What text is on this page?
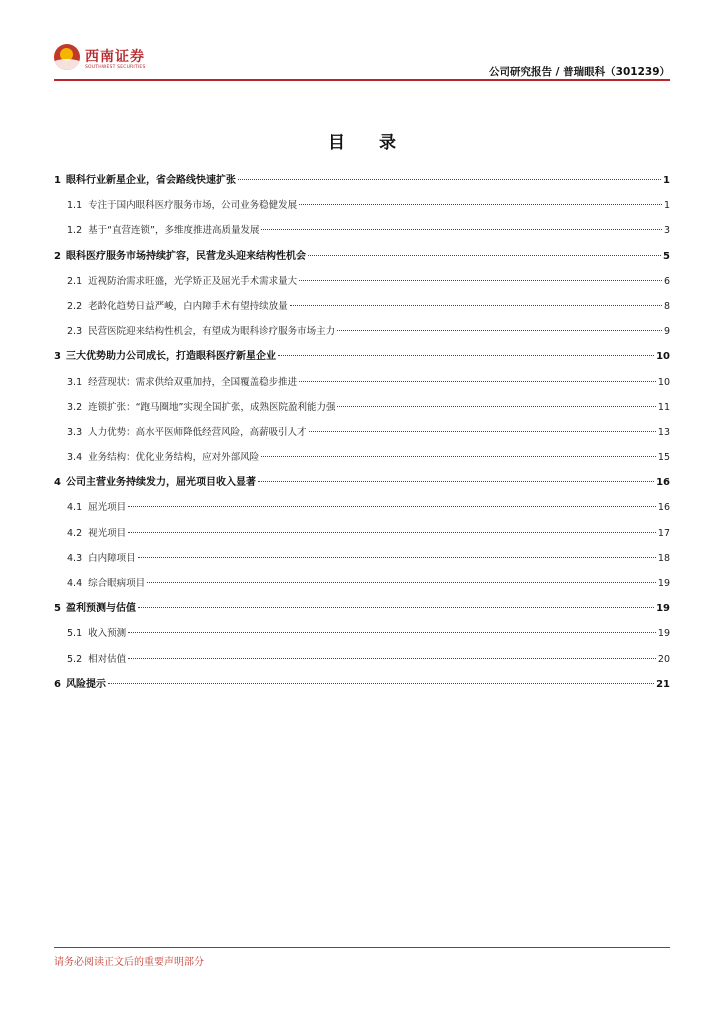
西南证券
SOUTHWEST SECURITIES	公司研究报告 / 普瑞眼科（301239）
目 录
1 眼科行业新星企业，省会路线快速扩张	1
1.1 专注于国内眼科医疗服务市场，公司业务稳健发展	1
1.2 基于“直营连锁”，多维度推进高质量发展	3
2 眼科医疗服务市场持续扩容，民营龙头迎来结构性机会	5
2.1 近视防治需求旺盛，光学矫正及屈光手术需求量大	6
2.2 老龄化趋势日益严峻，白内障手术有望持续放量	8
2.3 民营医院迎来结构性机会，有望成为眼科诊疗服务市场主力	9
3 三大优势助力公司成长，打造眼科医疗新星企业	10
3.1 经营现状：需求供给双重加持，全国覆盖稳步推进	10
3.2 连锁扩张：“跑马圈地”实现全国扩张，成熟医院盈利能力强	11
3.3 人力优势：高水平医师降低经营风险，高薪吸引人才	13
3.4 业务结构：优化业务结构，应对外部风险	15
4 公司主营业务持续发力，屈光项目收入显著	16
4.1 屈光项目	16
4.2 视光项目	17
4.3 白内障项目	18
4.4 综合眼病项目	19
5 盈利预测与估值	19
5.1 收入预测	19
5.2 相对估值	20
6 风险提示	21
请务必阅读正文后的重要声明部分
